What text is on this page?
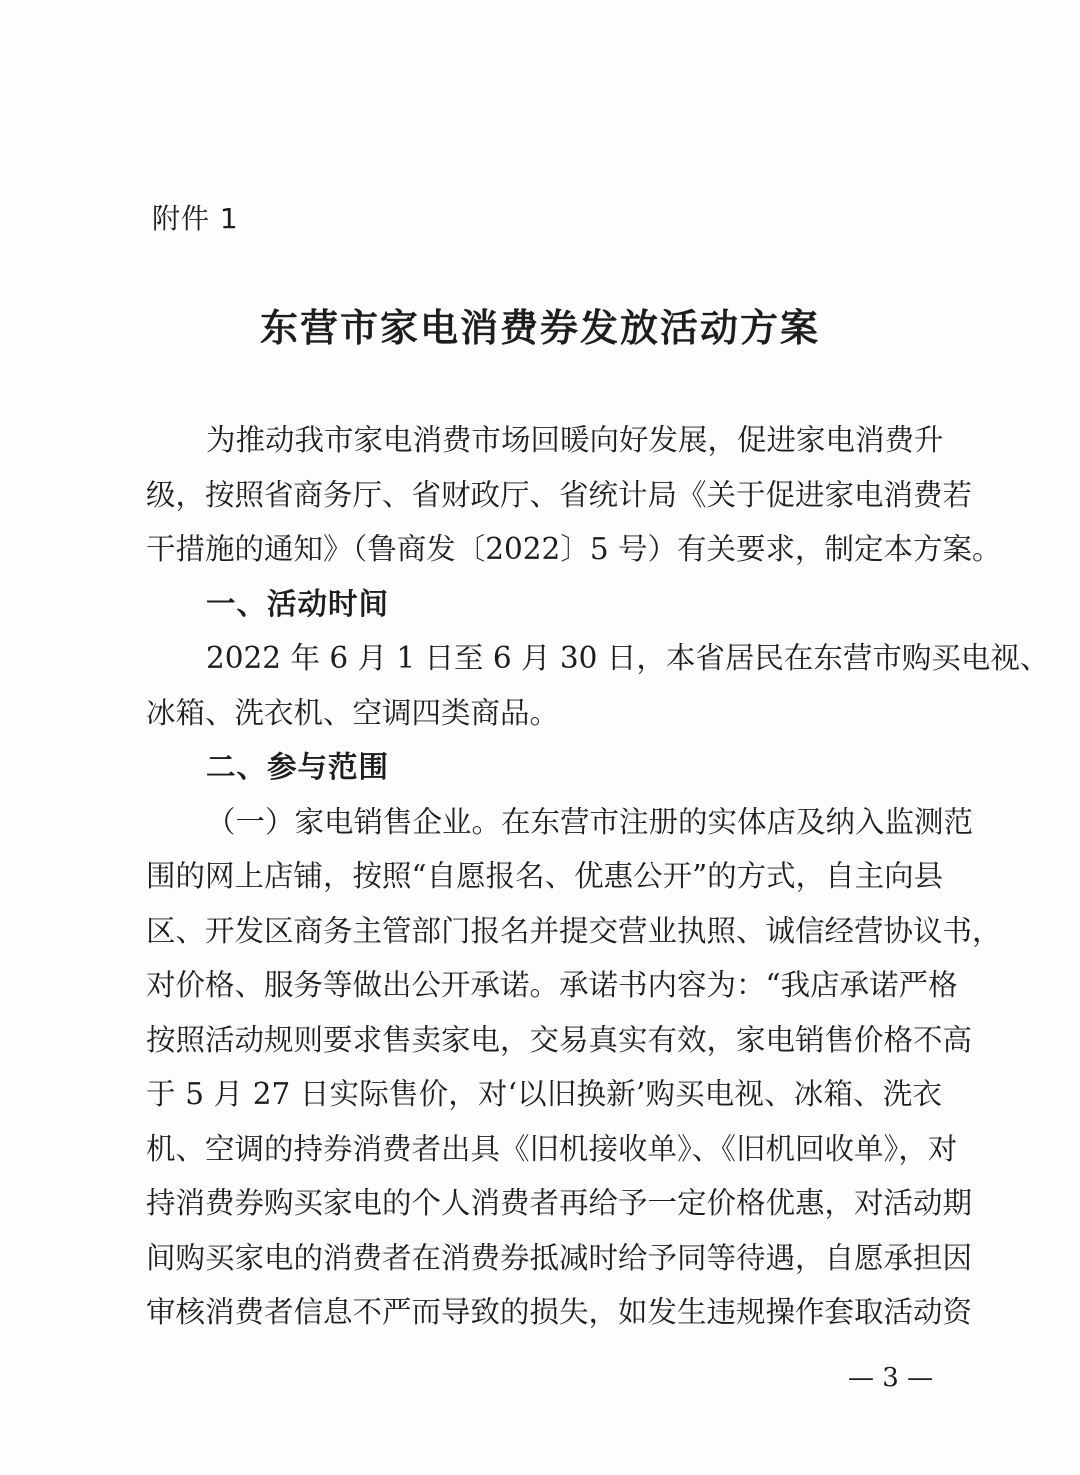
附件 1
东营市家电消费券发放活动方案
为推动我市家电消费市场回暖向好发展，促进家电消费升
级，按照省商务厅、省财政厅、省统计局《关于促进家电消费若
干措施的通知》（鲁商发〔2022〕5 号）有关要求，制定本方案。
一、活动时间
2022 年 6 月 1 日至 6 月 30 日，本省居民在东营市购买电视、
冰箱、洗衣机、空调四类商品。
二、参与范围
（一）家电销售企业。在东营市注册的实体店及纳入监测范
围的网上店铺，按照“自愿报名、优惠公开”的方式，自主向县
区、开发区商务主管部门报名并提交营业执照、诚信经营协议书，
对价格、服务等做出公开承诺。承诺书内容为：“我店承诺严格
按照活动规则要求售卖家电，交易真实有效，家电销售价格不高
于 5 月 27 日实际售价，对‘以旧换新’购买电视、冰箱、洗衣
机、空调的持券消费者出具《旧机接收单》、《旧机回收单》，对
持消费券购买家电的个人消费者再给予一定价格优惠，对活动期
间购买家电的消费者在消费券抵减时给予同等待遇，自愿承担因
审核消费者信息不严而导致的损失，如发生违规操作套取活动资
— 3 —
